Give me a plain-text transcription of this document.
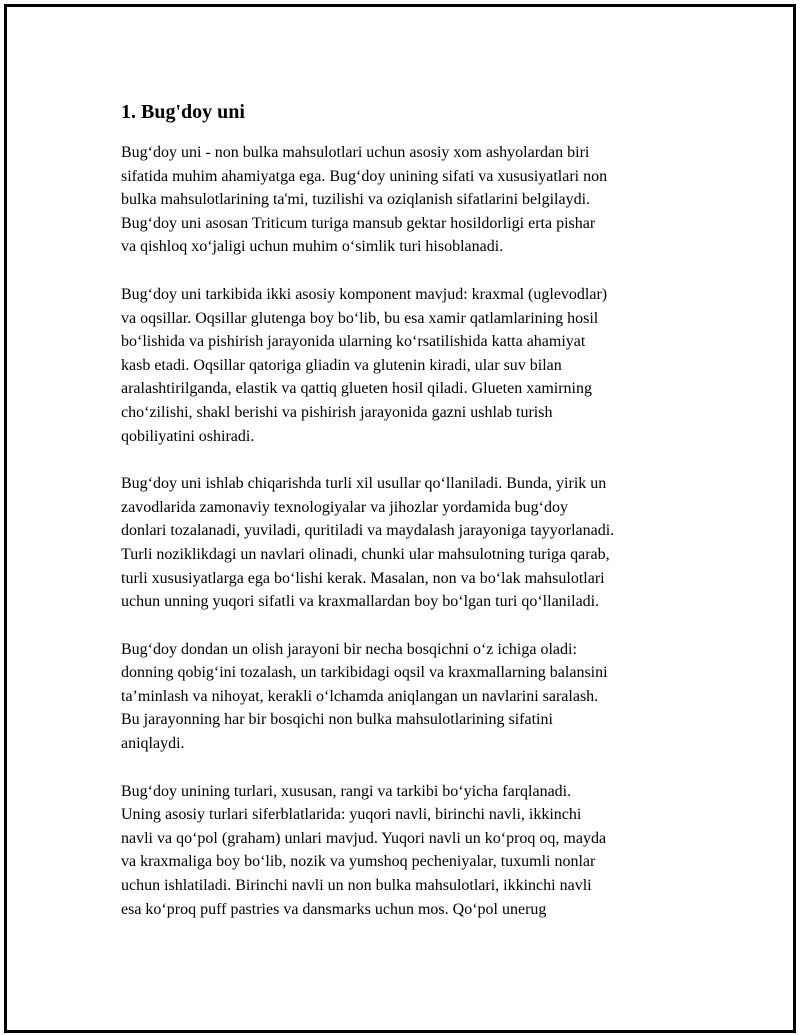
1. Bug'doy uni

Bug‘doy uni - non bulka mahsulotlari uchun asosiy xom ashyolardan biri
sifatida muhim ahamiyatga ega. Bug‘doy unining sifati va xususiyatlari non
bulka mahsulotlarining ta'mi, tuzilishi va oziqlanish sifatlarini belgilaydi.
Bug‘doy uni asosan Triticum turiga mansub gektar hosildorligi erta pishar
va qishloq xo‘jaligi uchun muhim o‘simlik turi hisoblanadi.

Bug‘doy uni tarkibida ikki asosiy komponent mavjud: kraxmal (uglevodlar)
va oqsillar. Oqsillar glutenga boy bo‘lib, bu esa xamir qatlamlarining hosil
bo‘lishida va pishirish jarayonida ularning ko‘rsatilishida katta ahamiyat
kasb etadi. Oqsillar qatoriga gliadin va glutenin kiradi, ular suv bilan
aralashtirilganda, elastik va qattiq glueten hosil qiladi. Glueten xamirning
cho‘zilishi, shakl berishi va pishirish jarayonida gazni ushlab turish
qobiliyatini oshiradi.

Bug‘doy uni ishlab chiqarishda turli xil usullar qo‘llaniladi. Bunda, yirik un
zavodlarida zamonaviy texnologiyalar va jihozlar yordamida bug‘doy
donlari tozalanadi, yuviladi, quritiladi va maydalash jarayoniga tayyorlanadi.
Turli noziklikdagi un navlari olinadi, chunki ular mahsulotning turiga qarab,
turli xususiyatlarga ega bo‘lishi kerak. Masalan, non va bo‘lak mahsulotlari
uchun unning yuqori sifatli va kraxmallardan boy bo‘lgan turi qo‘llaniladi.

Bug‘doy dondan un olish jarayoni bir necha bosqichni o‘z ichiga oladi:
donning qobig‘ini tozalash, un tarkibidagi oqsil va kraxmallarning balansini
ta’minlash va nihoyat, kerakli o‘lchamda aniqlangan un navlarini saralash.
Bu jarayonning har bir bosqichi non bulka mahsulotlarining sifatini
aniqlaydi.

Bug‘doy unining turlari, xususan, rangi va tarkibi bo‘yicha farqlanadi.
Uning asosiy turlari siferblatlarida: yuqori navli, birinchi navli, ikkinchi
navli va qo‘pol (graham) unlari mavjud. Yuqori navli un ko‘proq oq, mayda
va kraxmaliga boy bo‘lib, nozik va yumshoq pecheniyalar, tuxumli nonlar
uchun ishlatiladi. Birinchi navli un non bulka mahsulotlari, ikkinchi navli
esa ko‘proq puff pastries va dansmarks uchun mos. Qo‘pol unerug
